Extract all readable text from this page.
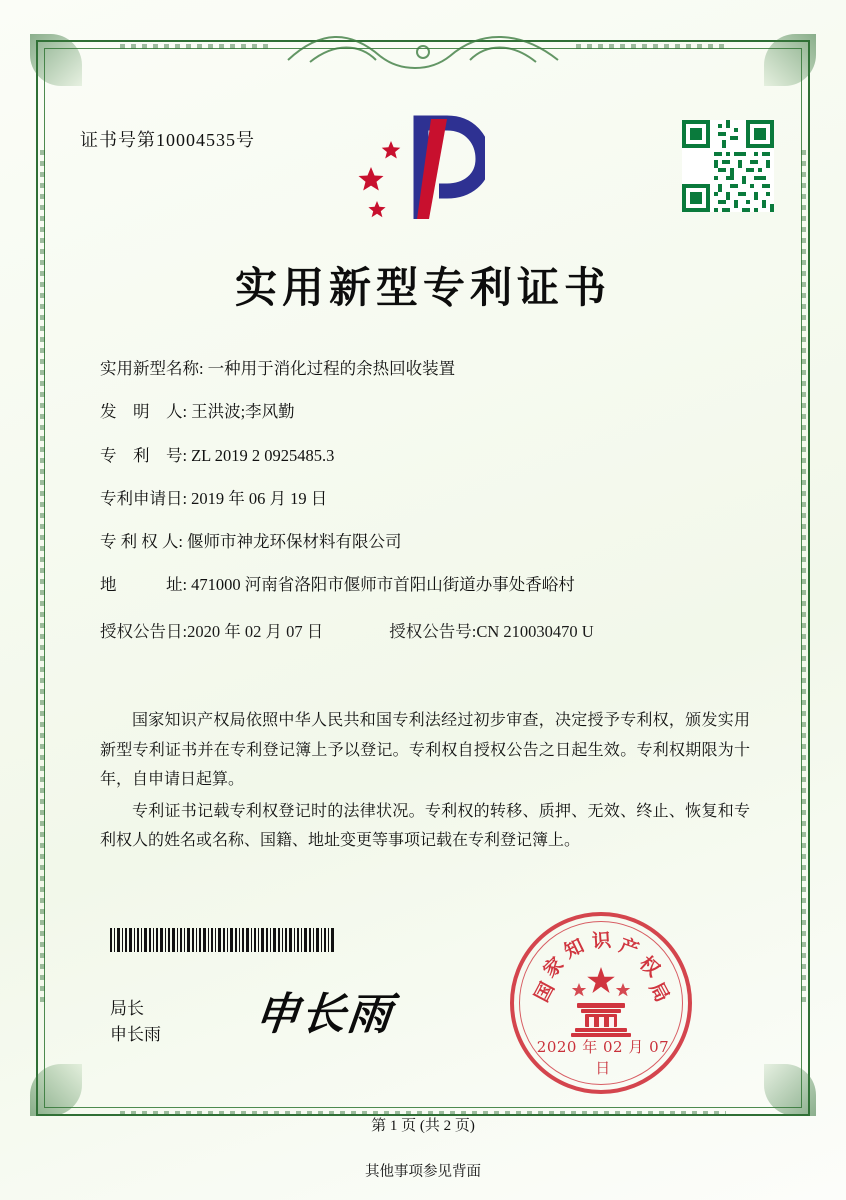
证书号第10004535号
实用新型专利证书
实用新型名称: 一种用于消化过程的余热回收装置
发　明　人: 王洪波;李风勤
专　利　号: ZL 2019 2 0925485.3
专利申请日: 2019 年 06 月 19 日
专 利 权 人: 偃师市神龙环保材料有限公司
地　　　址: 471000 河南省洛阳市偃师市首阳山街道办事处香峪村
授权公告日: 2020 年 02 月 07 日	授权公告号: CN 210030470 U

国家知识产权局依照中华人民共和国专利法经过初步审查，决定授予专利权，颁发实用新型专利证书并在专利登记簿上予以登记。专利权自授权公告之日起生效。专利权期限为十年，自申请日起算。

专利证书记载专利权登记时的法律状况。专利权的转移、质押、无效、终止、恢复和专利权人的姓名或名称、国籍、地址变更等事项记载在专利登记簿上。

局长
申长雨 申长雨	国
家
知 识 产
权
局
2020 年 02 月 07 日
第 1 页 (共 2 页)
其他事项参见背面
